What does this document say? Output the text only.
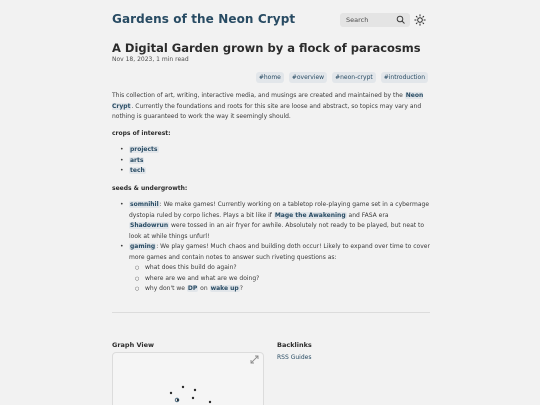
Gardens of the Neon Crypt	Search
A Digital Garden grown by a flock of paracosms
Nov 18, 2023, 1 min read
#home	#overview	#neon-crypt	#introduction

This collection of art, writing, interactive media, and musings are created and maintained by the Neon Crypt. Currently the foundations and roots for this site are loose and abstract, so topics may vary and nothing is guaranteed to work the way it seemingly should.

crops of interest:

• projects
• arts
• tech

seeds & undergrowth:

• somnihil: We make games! Currently working on a tabletop role-playing game set in a cybermage dystopia ruled by corpo liches. Plays a bit like if Mage the Awakening and FASA era Shadowrun were tossed in an air fryer for awhile. Absolutely not ready to be played, but neat to look at while things unfurl!
• gaming: We play games! Much chaos and building doth occur! Likely to expand over time to cover more games and contain notes to answer such riveting questions as:
○ what does this build do again?
○ where are we and what are we doing?
○ why don't we DP on wake up?
Graph View	Backlinks
RSS Guides
